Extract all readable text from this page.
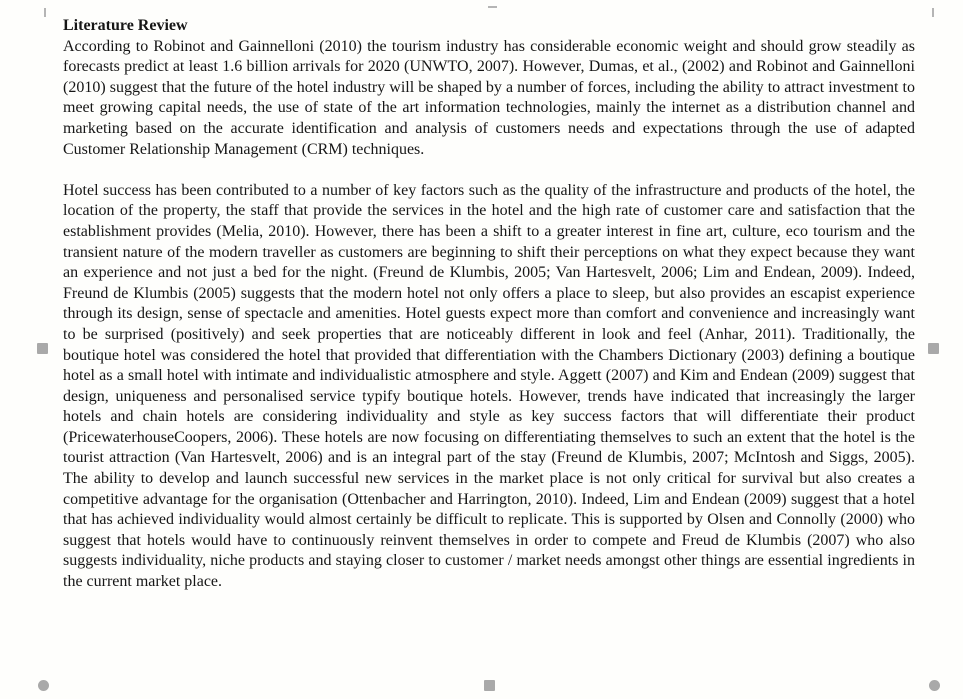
Literature Review

According to Robinot and Gainnelloni (2010) the tourism industry has considerable economic weight and should grow steadily as forecasts predict at least 1.6 billion arrivals for 2020 (UNWTO, 2007). However, Dumas, et al., (2002) and Robinot and Gainnelloni (2010) suggest that the future of the hotel industry will be shaped by a number of forces, including the ability to attract investment to meet growing capital needs, the use of state of the art information technologies, mainly the internet as a distribution channel and marketing based on the accurate identification and analysis of customers needs and expectations through the use of adapted Customer Relationship Management (CRM) techniques.

Hotel success has been contributed to a number of key factors such as the quality of the infrastructure and products of the hotel, the location of the property, the staff that provide the services in the hotel and the high rate of customer care and satisfaction that the establishment provides (Melia, 2010). However, there has been a shift to a greater interest in fine art, culture, eco tourism and the transient nature of the modern traveller as customers are beginning to shift their perceptions on what they expect because they want an experience and not just a bed for the night. (Freund de Klumbis, 2005; Van Hartesvelt, 2006; Lim and Endean, 2009). Indeed, Freund de Klumbis (2005) suggests that the modern hotel not only offers a place to sleep, but also provides an escapist experience through its design, sense of spectacle and amenities. Hotel guests expect more than comfort and convenience and increasingly want to be surprised (positively) and seek properties that are noticeably different in look and feel (Anhar, 2011). Traditionally, the boutique hotel was considered the hotel that provided that differentiation with the Chambers Dictionary (2003) defining a boutique hotel as a small hotel with intimate and individualistic atmosphere and style. Aggett (2007) and Kim and Endean (2009) suggest that design, uniqueness and personalised service typify boutique hotels. However, trends have indicated that increasingly the larger hotels and chain hotels are considering individuality and style as key success factors that will differentiate their product (PricewaterhouseCoopers, 2006). These hotels are now focusing on differentiating themselves to such an extent that the hotel is the tourist attraction (Van Hartesvelt, 2006) and is an integral part of the stay (Freund de Klumbis, 2007; McIntosh and Siggs, 2005). The ability to develop and launch successful new services in the market place is not only critical for survival but also creates a competitive advantage for the organisation (Ottenbacher and Harrington, 2010). Indeed, Lim and Endean (2009) suggest that a hotel that has achieved individuality would almost certainly be difficult to replicate. This is supported by Olsen and Connolly (2000) who suggest that hotels would have to continuously reinvent themselves in order to compete and Freud de Klumbis (2007) who also suggests individuality, niche products and staying closer to customer / market needs amongst other things are essential ingredients in the current market place.
